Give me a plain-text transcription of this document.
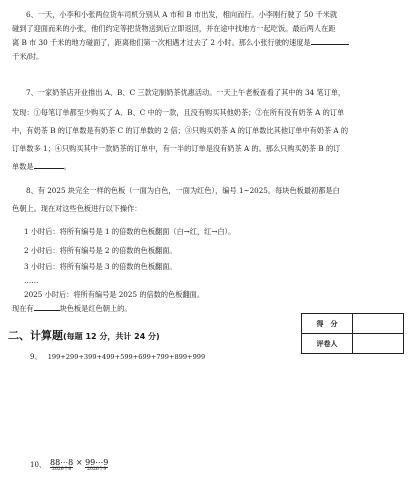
6、一天，小李和小张两位货车司机分别从 A 市和 B 市出发，相向而行。小李刚行驶了 50 千米就
碰到了迎面而来的小张，他们约定等把货物送到后立即返回，并在途中找地方一起吃饭。最后两人在距
离 B 市 30 千米的地方碰面了，距离他们第一次相遇才过去了 2 小时。那么小张行驶的速度是
千米/时。
7、一家奶茶店开业推出 A、B、C 三款定制奶茶优惠活动。一天上午老板查看了其中的 34 笔订单，
发现：①每笔订单都至少购买了 A、B、C 中的一款，且没有购买其他奶茶；②在所有没有奶茶 A 的订单
中，有奶茶 B 的订单数是有奶茶 C 的订单数的 2 倍；③只购买奶茶 A 的订单数比其他订单中有奶茶 A 的
订单数多 1；④只购买其中一款奶茶的订单中，有一半的订单是没有奶茶 A 的。那么只购买奶茶 B 的订
单数是	。
8、有 2025 块完全一样的色板（一面为白色，一面为红色），编号 1~2025。每块色板最初都是白
色朝上。现在对这些色板进行以下操作：
1 小时后：将所有编号是 1 的倍数的色板翻面（白→红，红→白）。
2 小时后：将所有编号是 2 的倍数的色板翻面。
3 小时后：将所有编号是 3 的倍数的色板翻面。
……
2025 小时后：将所有编号是 2025 的倍数的色板翻面。
现在有	块色板是红色朝上的。
二、计算题(每题 12 分，共计 24 分)
得　分	
评卷人	
9、 199+299+399+499+599+699+799+899+999
10、 88⋯8
2026个8
× 99⋯9
2026个9
